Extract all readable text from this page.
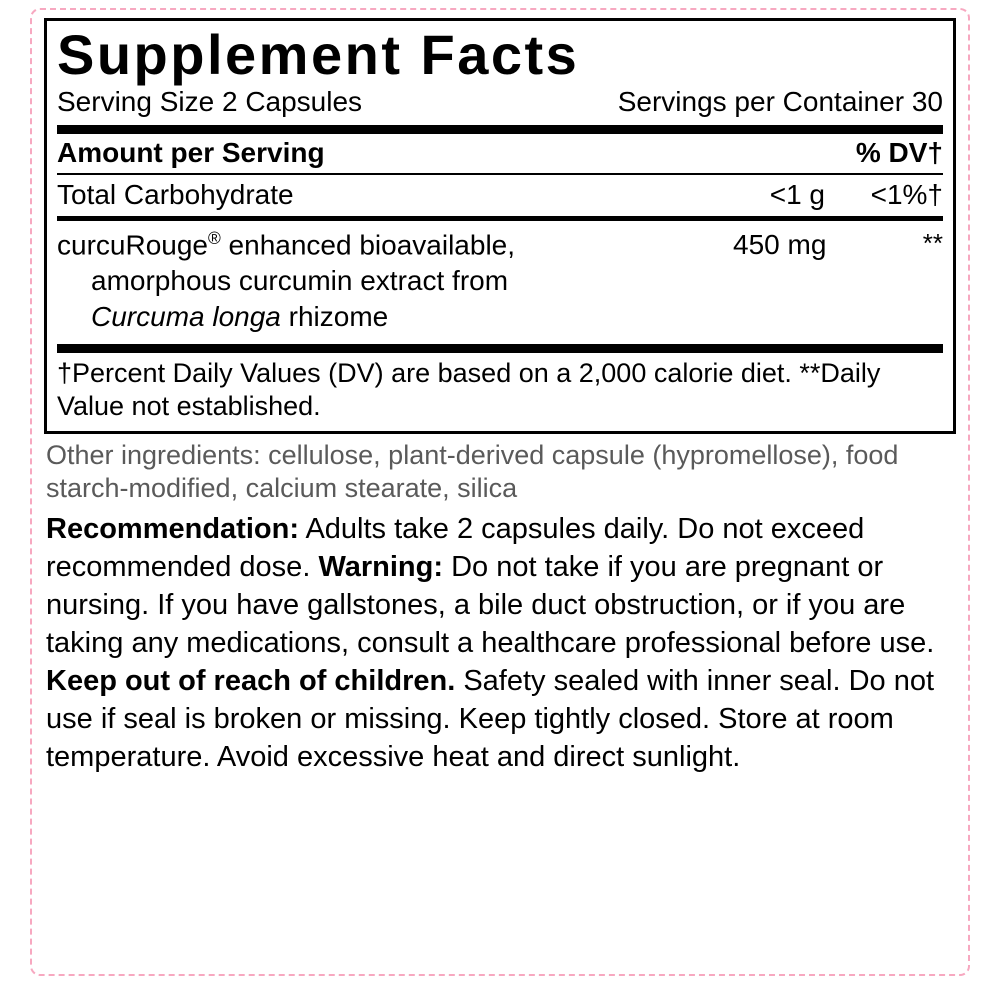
Supplement Facts
Serving Size 2 Capsules	Servings per Container 30
Amount per Serving	% DV†
Total Carbohydrate	<1 g	<1%†
curcuRouge® enhanced bioavailable,
amorphous curcumin extract from
Curcuma longa rhizome
450 mg	**
†Percent Daily Values (DV) are based on a 2,000 calorie diet. **Daily Value not established.
Other ingredients: cellulose, plant-derived capsule (hypromellose), food starch-modified, calcium stearate, silica

Recommendation: Adults take 2 capsules daily. Do not exceed recommended dose. Warning: Do not take if you are pregnant or nursing. If you have gallstones, a bile duct obstruction, or if you are taking any medications, consult a healthcare professional before use.

Keep out of reach of children. Safety sealed with inner seal. Do not use if seal is broken or missing. Keep tightly closed. Store at room temperature. Avoid excessive heat and direct sunlight.
